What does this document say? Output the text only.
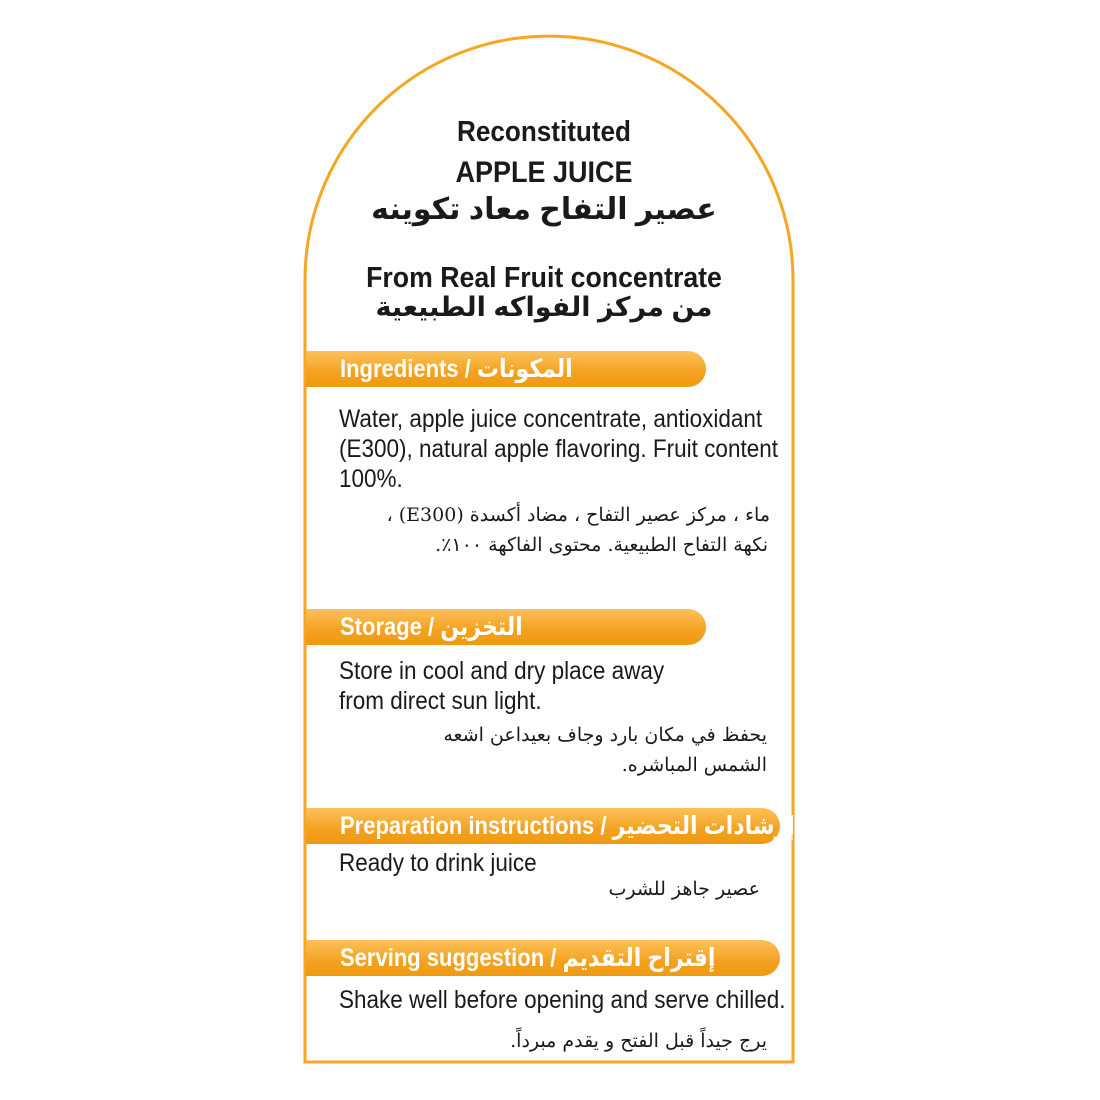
Reconstituted
APPLE JUICE
عصير التفاح معاد تكوينه
From Real Fruit concentrate
من مركز الفواكه الطبيعية
Ingredients / المكونات
Water, apple juice concentrate, antioxidant
(E300), natural apple flavoring. Fruit content
100%.
ماء ، مركز عصير التفاح ، مضاد أكسدة (E300) ،
نكهة التفاح الطبيعية. محتوى الفاكهة ١٠٠٪.
Storage / التخزين
Store in cool and dry place away
from direct sun light.
يحفظ في مكان بارد وجاف بعيداعن اشعه
الشمس المباشره.
Preparation instructions / إرشادات التحضير
Ready to drink juice
عصير جاهز للشرب
Serving suggestion / إقتراح التقديم
Shake well before opening and serve chilled.
يرج جيداً قبل الفتح و يقدم مبرداً.
